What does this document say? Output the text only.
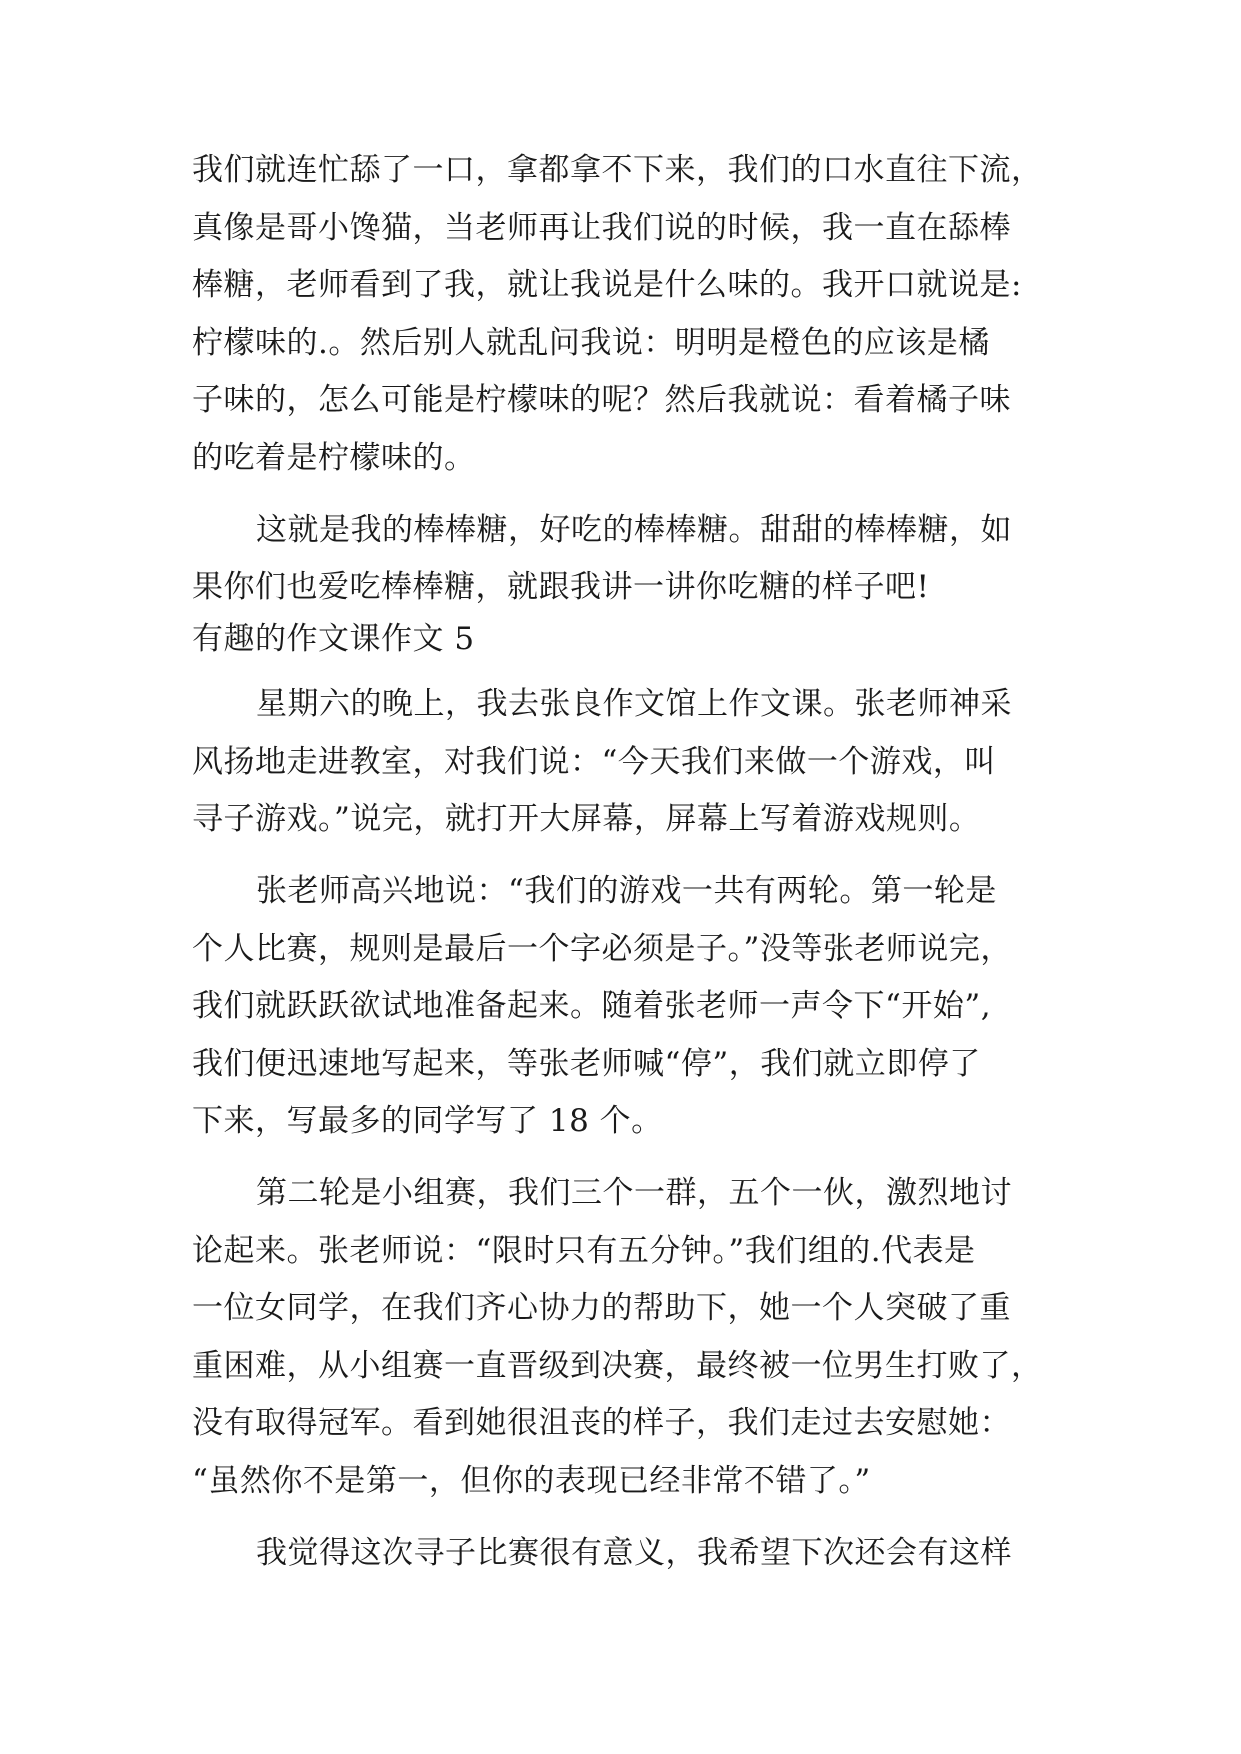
我们就连忙舔了一口，拿都拿不下来，我们的口水直往下流，
真像是哥小馋猫，当老师再让我们说的时候，我一直在舔棒
棒糖，老师看到了我，就让我说是什么味的。我开口就说是:
柠檬味的.。然后别人就乱问我说：明明是橙色的应该是橘
子味的，怎么可能是柠檬味的呢？然后我就说：看着橘子味
的吃着是柠檬味的。
这就是我的棒棒糖，好吃的棒棒糖。甜甜的棒棒糖，如
果你们也爱吃棒棒糖，就跟我讲一讲你吃糖的样子吧!
有趣的作文课作文 5
星期六的晚上，我去张良作文馆上作文课。张老师神采
风扬地走进教室，对我们说：“今天我们来做一个游戏，叫
寻子游戏。”说完，就打开大屏幕，屏幕上写着游戏规则。
张老师高兴地说：“我们的游戏一共有两轮。第一轮是
个人比赛，规则是最后一个字必须是子。”没等张老师说完，
我们就跃跃欲试地准备起来。随着张老师一声令下“开始”,
我们便迅速地写起来，等张老师喊“停”，我们就立即停了
下来，写最多的同学写了 18 个。
第二轮是小组赛，我们三个一群，五个一伙，激烈地讨
论起来。张老师说：“限时只有五分钟。”我们组的.代表是
一位女同学，在我们齐心协力的帮助下，她一个人突破了重
重困难，从小组赛一直晋级到决赛，最终被一位男生打败了，
没有取得冠军。看到她很沮丧的样子，我们走过去安慰她：
“虽然你不是第一，但你的表现已经非常不错了。”
我觉得这次寻子比赛很有意义，我希望下次还会有这样
